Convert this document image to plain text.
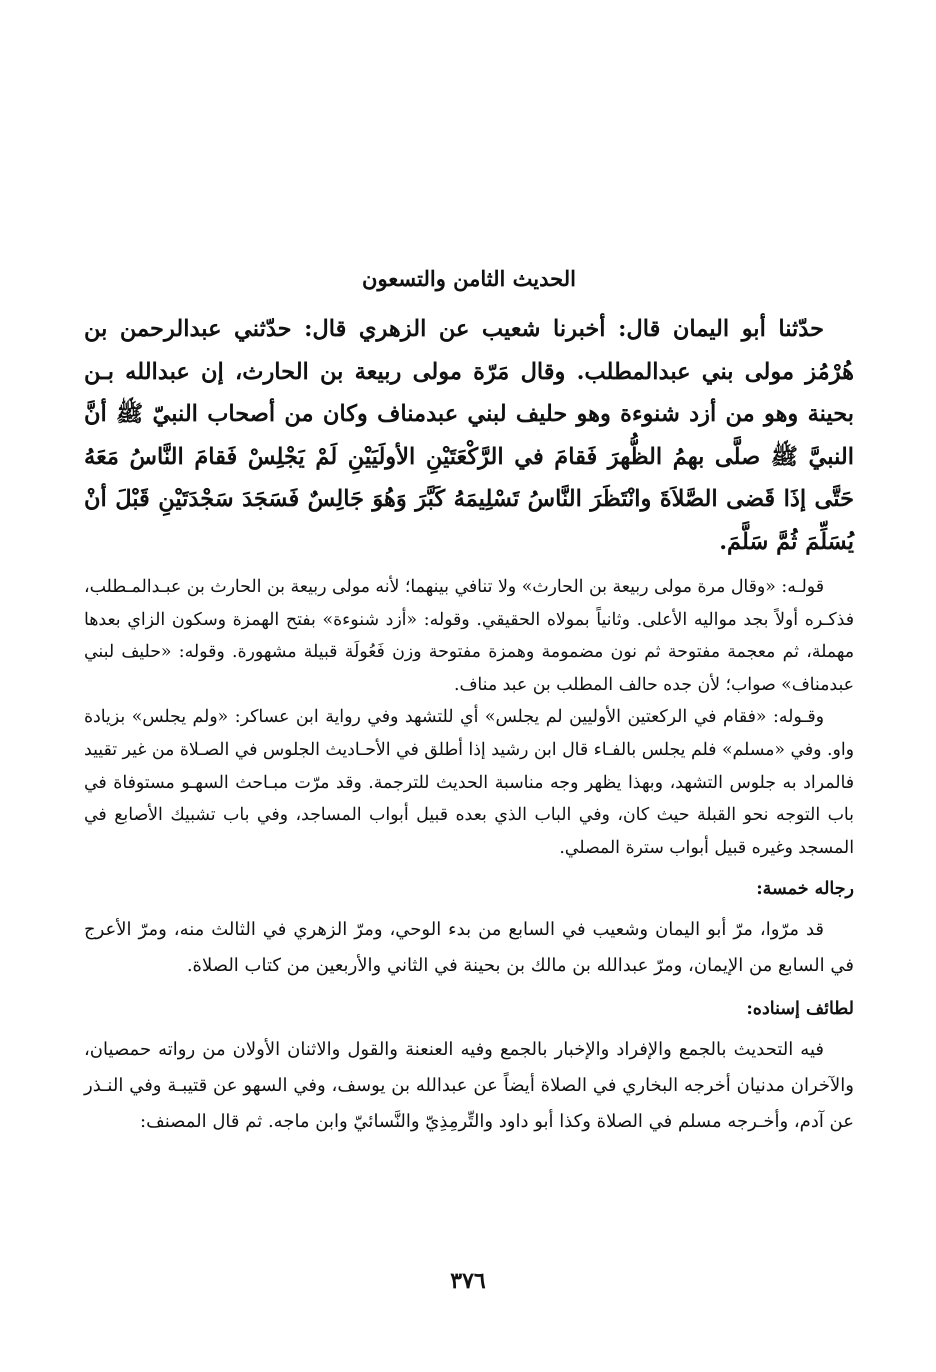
الحديث الثامن والتسعون

حدّثنا أبو اليمان قال: أخبرنا شعيب عن الزهري قال: حدّثني عبدالرحمن بن هُرْمُز مولى بني عبدالمطلب. وقال مَرّة مولى ربيعة بن الحارث، إن عبدالله بـن بحينة وهو من أزد شنوءة وهو حليف لبني عبدمناف وكان من أصحاب النبيّ ﷺ أنَّ النبيَّ ﷺ صلَّى بهمُ الظُّهرَ فَقامَ في الرَّكْعَتَيْنِ الأولَيَيْنِ لَمْ يَجْلِسْ فَقامَ النَّاسُ مَعَهُ حَتَّى إذَا قَضى الصَّلاَةَ وانْتَظَرَ النَّاسُ تَسْلِيمَهُ كَبَّرَ وَهُوَ جَالِسٌ فَسَجَدَ سَجْدَتَيْنِ قَبْلَ أنْ يُسَلِّمَ ثُمَّ سَلَّمَ.

قولـه: «وقال مرة مولى ربيعة بن الحارث» ولا تنافي بينهما؛ لأنه مولى ربيعة بن الحارث بن عبـدالمـطلب، فذكـره أولاً بجد مواليه الأعلى. وثانياً بمولاه الحقيقي. وقوله: «أزد شنوءة» بفتح الهمزة وسكون الزاي بعدها مهملة، ثم معجمة مفتوحة ثم نون مضمومة وهمزة مفتوحة وزن فَعُولَة قبيلة مشهورة. وقوله: «حليف لبني عبدمناف» صواب؛ لأن جده حالف المطلب بن عبد مناف.

وقـوله: «فقام في الركعتين الأوليين لم يجلس» أي للتشهد وفي رواية ابن عساكر: «ولم يجلس» بزيادة واو. وفي «مسلم» فلم يجلس بالفـاء قال ابن رشيد إذا أطلق في الأحـاديث الجلوس في الصـلاة من غير تقييد فالمراد به جلوس التشهد، وبهذا يظهر وجه مناسبة الحديث للترجمة. وقد مرّت مبـاحث السهـو مستوفاة في باب التوجه نحو القبلة حيث كان، وفي الباب الذي بعده قبيل أبواب المساجد، وفي باب تشبيك الأصابع في المسجد وغيره قبيل أبواب سترة المصلي.

رجاله خمسة:

قد مرّوا، مرّ أبو اليمان وشعيب في السابع من بدء الوحي، ومرّ الزهري في الثالث منه، ومرّ الأعرج في السابع من الإيمان، ومرّ عبدالله بن مالك بن بحينة في الثاني والأربعين من كتاب الصلاة.

لطائف إسناده:

فيه التحديث بالجمع والإفراد والإخبار بالجمع وفيه العنعنة والقول والاثنان الأولان من رواته حمصيان، والآخران مدنيان أخرجه البخاري في الصلاة أيضاً عن عبدالله بن يوسف، وفي السهو عن قتيبـة وفي النـذر عن آدم، وأخـرجه مسلم في الصلاة وكذا أبو داود والتِّرمِذِيّ والنَّسائيّ وابن ماجه. ثم قال المصنف:

٣٧٦
